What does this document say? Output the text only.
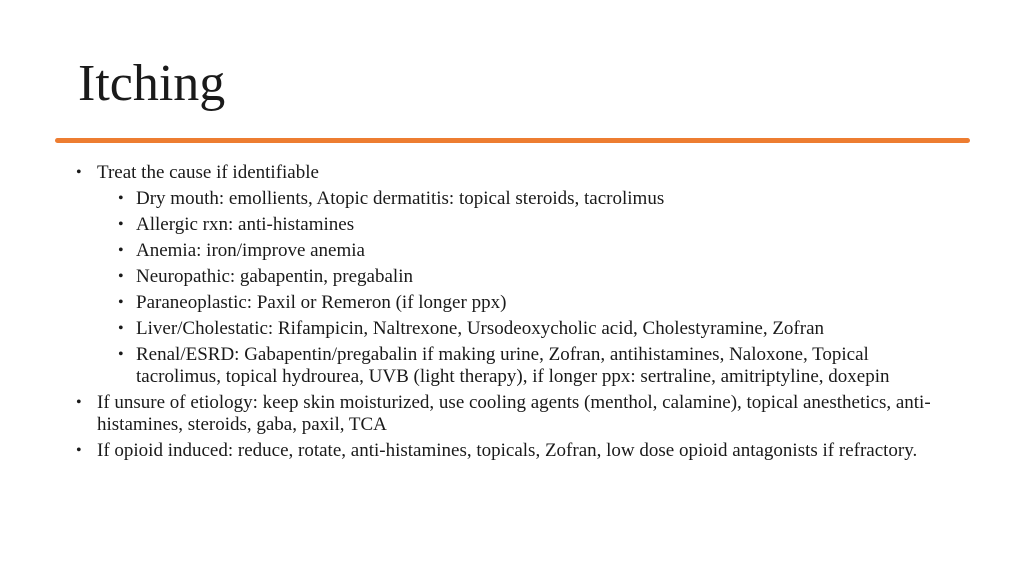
Itching
• Treat the cause if identifiable
• Dry mouth: emollients, Atopic dermatitis: topical steroids, tacrolimus
• Allergic rxn: anti-histamines
• Anemia: iron/improve anemia
• Neuropathic: gabapentin, pregabalin
• Paraneoplastic: Paxil or Remeron (if longer ppx)
• Liver/Cholestatic: Rifampicin, Naltrexone, Ursodeoxycholic acid, Cholestyramine, Zofran
• Renal/ESRD: Gabapentin/pregabalin if making urine, Zofran, antihistamines, Naloxone, Topical tacrolimus, topical hydrourea, UVB (light therapy), if longer ppx: sertraline, amitriptyline, doxepin
• If unsure of etiology: keep skin moisturized, use cooling agents (menthol, calamine), topical anesthetics, anti-histamines, steroids, gaba, paxil, TCA
• If opioid induced: reduce, rotate, anti-histamines, topicals, Zofran, low dose opioid antagonists if refractory.
